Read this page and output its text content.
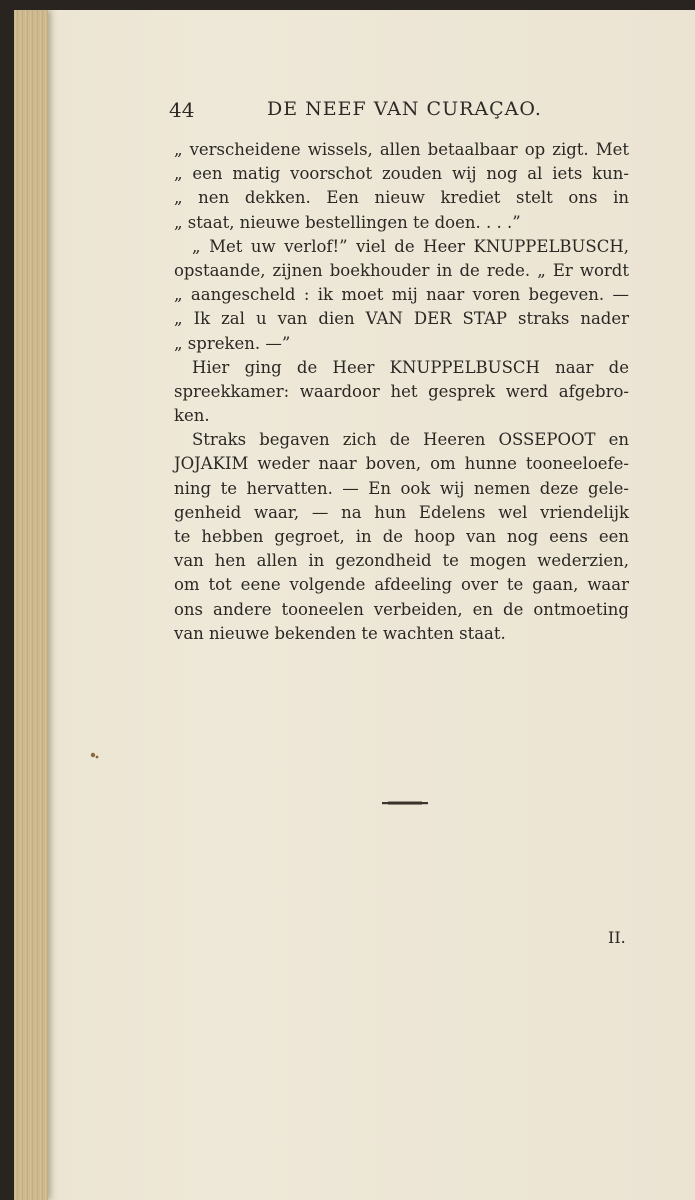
44	DE NEEF VAN CURAÇAO.
„ verscheidene wissels, allen betaalbaar op zigt. Met
„ een matig voorschot zouden wij nog al iets kun-
„ nen dekken. Een nieuw krediet stelt ons in
„ staat, nieuwe bestellingen te doen. . . .”
„ Met uw verlof!” viel de Heer KNUPPELBUSCH,
opstaande, zijnen boekhouder in de rede. „ Er wordt
„ aangescheld : ik moet mij naar voren begeven. —
„ Ik zal u van dien VAN DER STAP straks nader
„ spreken. —”
Hier ging de Heer KNUPPELBUSCH naar de
spreekkamer: waardoor het gesprek werd afgebro-
ken.
Straks begaven zich de Heeren OSSEPOOT en
JOJAKIM weder naar boven, om hunne tooneeloefe-
ning te hervatten. — En ook wij nemen deze gele-
genheid waar, — na hun Edelens wel vriendelijk
te hebben gegroet, in de hoop van nog eens een
van hen allen in gezondheid te mogen wederzien,
om tot eene volgende afdeeling over te gaan, waar
ons andere tooneelen verbeiden, en de ontmoeting
van nieuwe bekenden te wachten staat.
II.
